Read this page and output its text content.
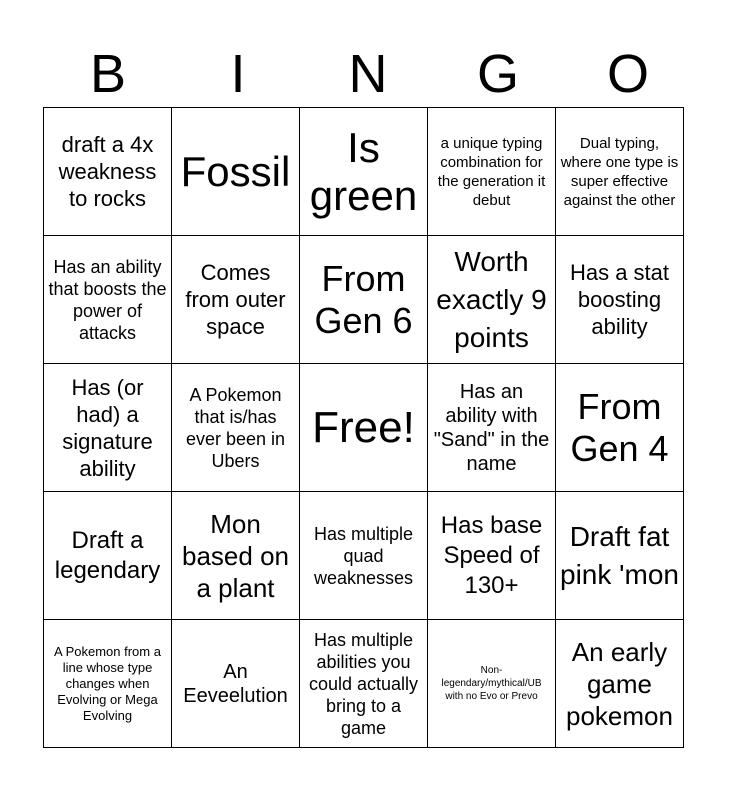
B	I	N	G	O
draft a 4x weakness to rocks	Fossil	Is green	a unique typing combination for the generation it debut	Dual typing, where one type is super effective against the other

Has an ability that boosts the power of attacks	Comes from outer space	From Gen 6	Worth exactly 9 points	Has a stat boosting ability

Has (or had) a signature ability	A Pokemon that is/has ever been in Ubers	Free!	Has an ability with "Sand" in the name	From Gen 4

Draft a legendary	Mon based on a plant	Has multiple quad weaknesses	Has base Speed of 130+	Draft fat pink 'mon

A Pokemon from a line whose type changes when Evolving or Mega Evolving	An Eeveelution	Has multiple abilities you could actually bring to a game	Non-legendary/mythical/UB with no Evo or Prevo	An early game pokemon
